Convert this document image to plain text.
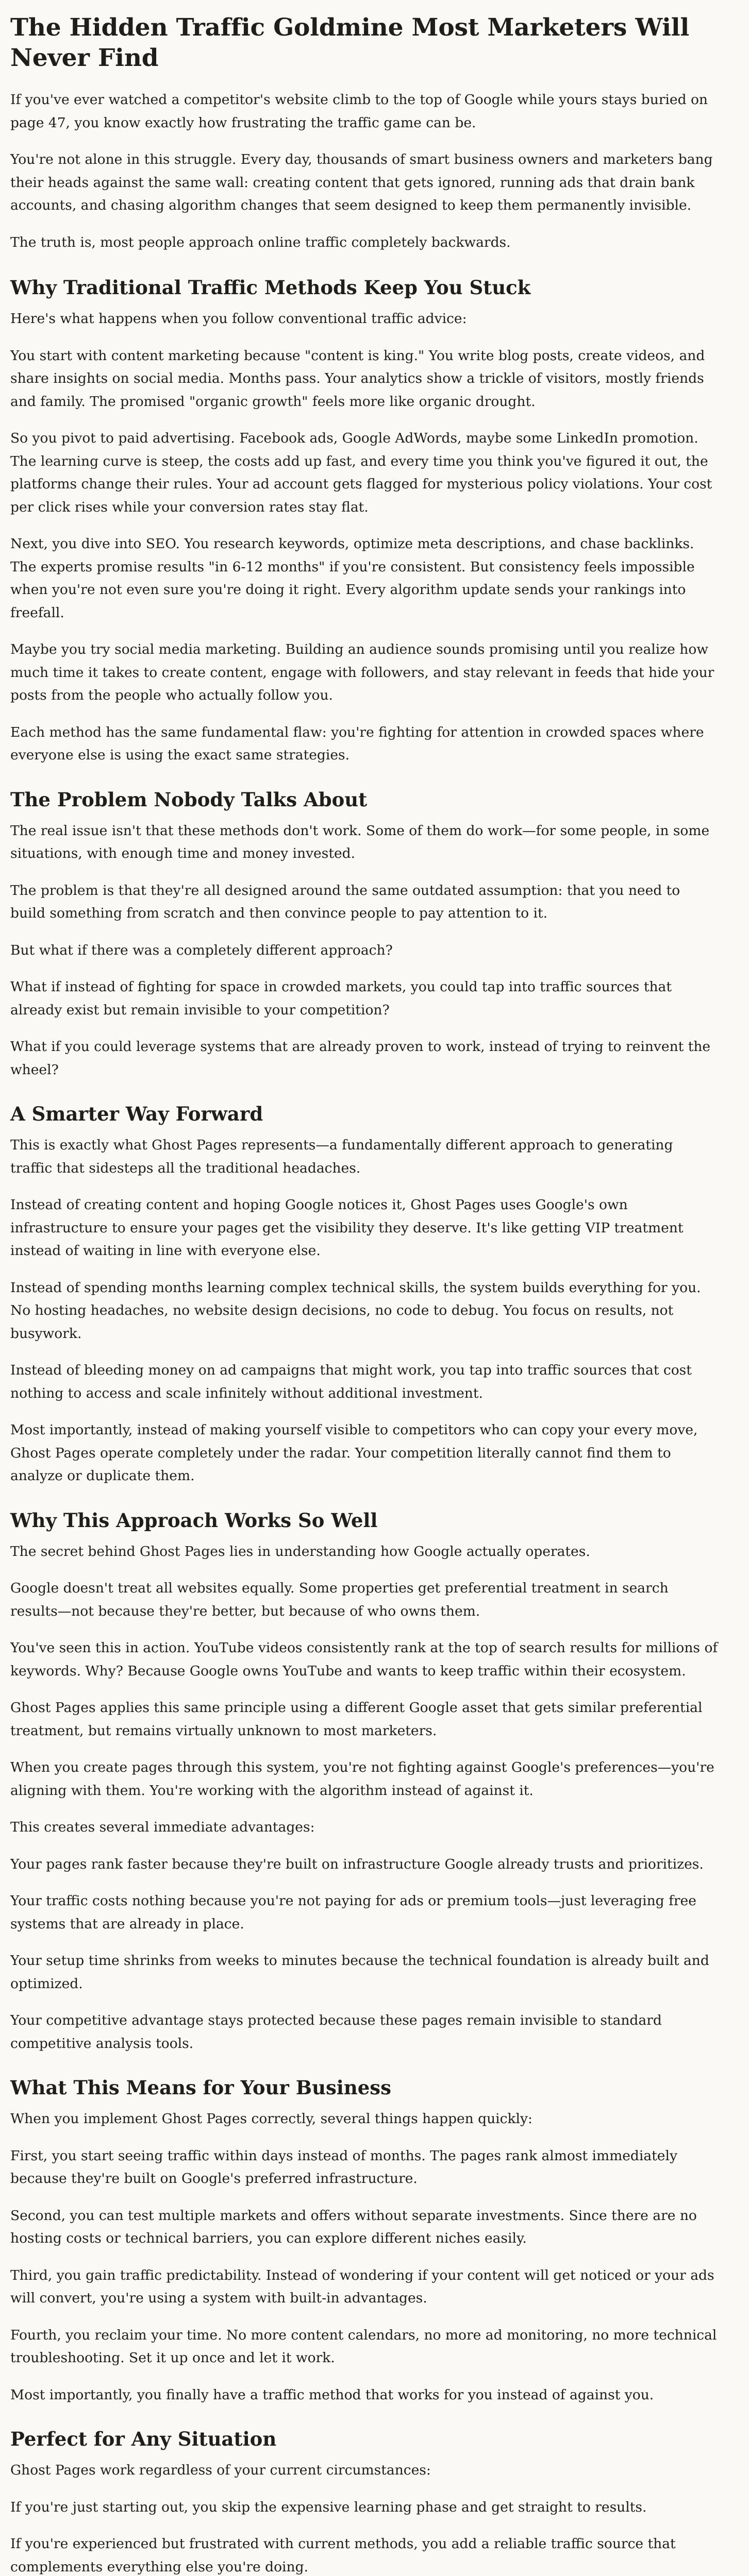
The Hidden Traffic Goldmine Most Marketers Will Never Find

If you've ever watched a competitor's website climb to the top of Google while yours stays buried on page 47, you know exactly how frustrating the traffic game can be.

You're not alone in this struggle. Every day, thousands of smart business owners and marketers bang their heads against the same wall: creating content that gets ignored, running ads that drain bank accounts, and chasing algorithm changes that seem designed to keep them permanently invisible.

The truth is, most people approach online traffic completely backwards.

Why Traditional Traffic Methods Keep You Stuck

Here's what happens when you follow conventional traffic advice:

You start with content marketing because "content is king." You write blog posts, create videos, and share insights on social media. Months pass. Your analytics show a trickle of visitors, mostly friends and family. The promised "organic growth" feels more like organic drought.

So you pivot to paid advertising. Facebook ads, Google AdWords, maybe some LinkedIn promotion. The learning curve is steep, the costs add up fast, and every time you think you've figured it out, the platforms change their rules. Your ad account gets flagged for mysterious policy violations. Your cost per click rises while your conversion rates stay flat.

Next, you dive into SEO. You research keywords, optimize meta descriptions, and chase backlinks. The experts promise results "in 6-12 months" if you're consistent. But consistency feels impossible when you're not even sure you're doing it right. Every algorithm update sends your rankings into freefall.

Maybe you try social media marketing. Building an audience sounds promising until you realize how much time it takes to create content, engage with followers, and stay relevant in feeds that hide your posts from the people who actually follow you.

Each method has the same fundamental flaw: you're fighting for attention in crowded spaces where everyone else is using the exact same strategies.

The Problem Nobody Talks About

The real issue isn't that these methods don't work. Some of them do work—for some people, in some situations, with enough time and money invested.

The problem is that they're all designed around the same outdated assumption: that you need to build something from scratch and then convince people to pay attention to it.

But what if there was a completely different approach?

What if instead of fighting for space in crowded markets, you could tap into traffic sources that already exist but remain invisible to your competition?

What if you could leverage systems that are already proven to work, instead of trying to reinvent the wheel?

A Smarter Way Forward

This is exactly what Ghost Pages represents—a fundamentally different approach to generating traffic that sidesteps all the traditional headaches.

Instead of creating content and hoping Google notices it, Ghost Pages uses Google's own infrastructure to ensure your pages get the visibility they deserve. It's like getting VIP treatment instead of waiting in line with everyone else.

Instead of spending months learning complex technical skills, the system builds everything for you. No hosting headaches, no website design decisions, no code to debug. You focus on results, not busywork.

Instead of bleeding money on ad campaigns that might work, you tap into traffic sources that cost nothing to access and scale infinitely without additional investment.

Most importantly, instead of making yourself visible to competitors who can copy your every move, Ghost Pages operate completely under the radar. Your competition literally cannot find them to analyze or duplicate them.

Why This Approach Works So Well

The secret behind Ghost Pages lies in understanding how Google actually operates.

Google doesn't treat all websites equally. Some properties get preferential treatment in search results—not because they're better, but because of who owns them.

You've seen this in action. YouTube videos consistently rank at the top of search results for millions of keywords. Why? Because Google owns YouTube and wants to keep traffic within their ecosystem.

Ghost Pages applies this same principle using a different Google asset that gets similar preferential treatment, but remains virtually unknown to most marketers.

When you create pages through this system, you're not fighting against Google's preferences—you're aligning with them. You're working with the algorithm instead of against it.

This creates several immediate advantages:

Your pages rank faster because they're built on infrastructure Google already trusts and prioritizes.

Your traffic costs nothing because you're not paying for ads or premium tools—just leveraging free systems that are already in place.

Your setup time shrinks from weeks to minutes because the technical foundation is already built and optimized.

Your competitive advantage stays protected because these pages remain invisible to standard competitive analysis tools.

What This Means for Your Business

When you implement Ghost Pages correctly, several things happen quickly:

First, you start seeing traffic within days instead of months. The pages rank almost immediately because they're built on Google's preferred infrastructure.

Second, you can test multiple markets and offers without separate investments. Since there are no hosting costs or technical barriers, you can explore different niches easily.

Third, you gain traffic predictability. Instead of wondering if your content will get noticed or your ads will convert, you're using a system with built-in advantages.

Fourth, you reclaim your time. No more content calendars, no more ad monitoring, no more technical troubleshooting. Set it up once and let it work.

Most importantly, you finally have a traffic method that works for you instead of against you.

Perfect for Any Situation

Ghost Pages work regardless of your current circumstances:

If you're just starting out, you skip the expensive learning phase and get straight to results.

If you're experienced but frustrated with current methods, you add a reliable traffic source that complements everything else you're doing.
